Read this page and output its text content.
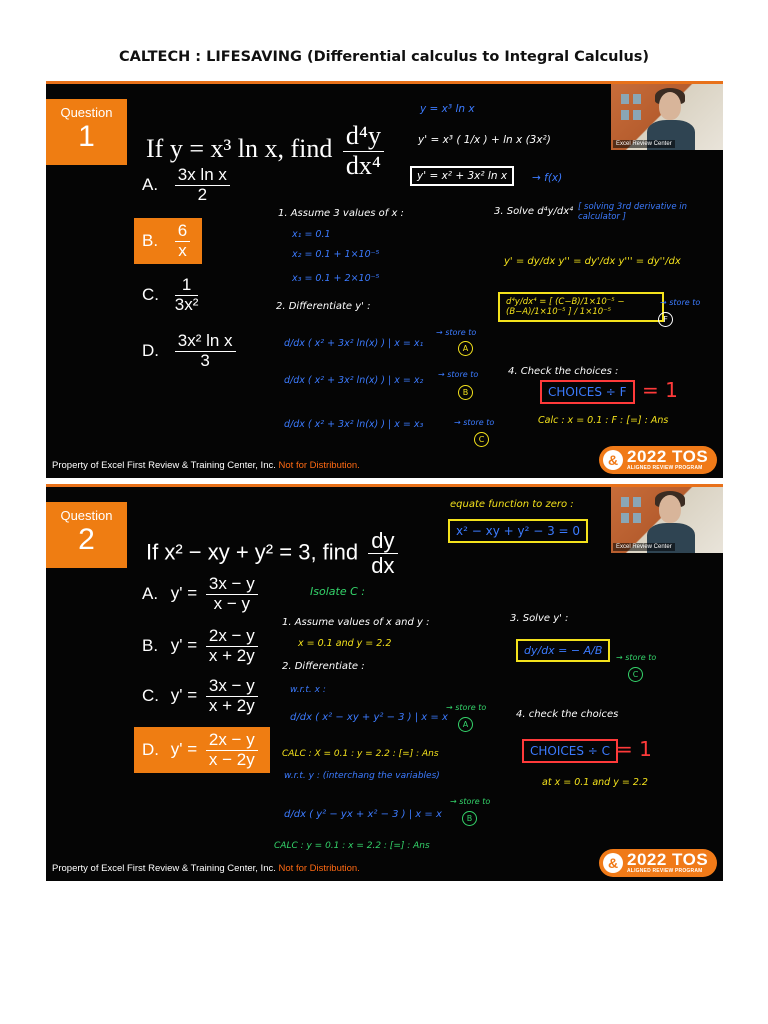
CALTECH : LIFESAVING (Differential calculus to Integral Calculus)
Question
1	If y = x³ ln x, find $\frac{\text{d⁴y}}{\text{dx⁴}}$
A. $\frac{\text{3x ln x}}{2}$
B. $\frac{6}{x}$
C. $\frac{1}{\text{3x²}}$
D. $\frac{\text{3x² ln x}}{3}$
y = x³ ln x
y' = x³ ( 1/x ) + ln x (3x²)
y' = x² + 3x² ln x	→ f(x)
1. Assume 3 values of x :
x₁ = 0.1
x₂ = 0.1 + 1×10⁻⁵
x₃ = 0.1 + 2×10⁻⁵
2. Differentiate y' :
d/dx ( x² + 3x² ln(x) ) | x = x₁
→ store to
A
d/dx ( x² + 3x² ln(x) ) | x = x₂
→ store to
B
d/dx ( x² + 3x² ln(x) ) | x = x₃	→ store to
C
3. Solve d⁴y/dx⁴ [ solving 3rd derivative in calculator ]
y' = dy/dx y'' = dy'/dx y''' = dy''/dx
d⁴y/dx⁴ = [ (C−B)/1×10⁻⁵ − (B−A)/1×10⁻⁵ ] / 1×10⁻⁵
→ store to
F
4. Check the choices :
CHOICES ÷ F = 1
Calc : x = 0.1 : F : [=] : Ans
Excel Review Center
Property of Excel First Review & Training Center, Inc. Not for Distribution.	& 2022 TOS
ALIGNED REVIEW PROGRAM
Question
2	If x² − xy + y² = 3, find $\frac{dy}{dx}$
A. $y' = \frac{3x - y}{x - y}$
B. $y' = \frac{2x - y}{x + 2y}$
C. $y' = \frac{3x - y}{x + 2y}$
D. $y' = \frac{2x - y}{x - 2y}$
equate function to zero :
x² − xy + y² − 3 = 0
Isolate C :
1. Assume values of x and y :
x = 0.1 and y = 2.2
2. Differentiate :
w.r.t. x :
d/dx ( x² − xy + y² − 3 ) | x = x
→ store to
A
CALC : X = 0.1 : y = 2.2 : [=] : Ans
w.r.t. y : (interchang the variables)
d/dx ( y² − yx + x² − 3 ) | x = x
→ store to
B
CALC : y = 0.1 : x = 2.2 : [=] : Ans
3. Solve y' :
dy/dx = − A/B
→ store to
C
4. check the choices
CHOICES ÷ C = 1
at x = 0.1 and y = 2.2
Excel Review Center
Property of Excel First Review & Training Center, Inc. Not for Distribution.	& 2022 TOS
ALIGNED REVIEW PROGRAM
